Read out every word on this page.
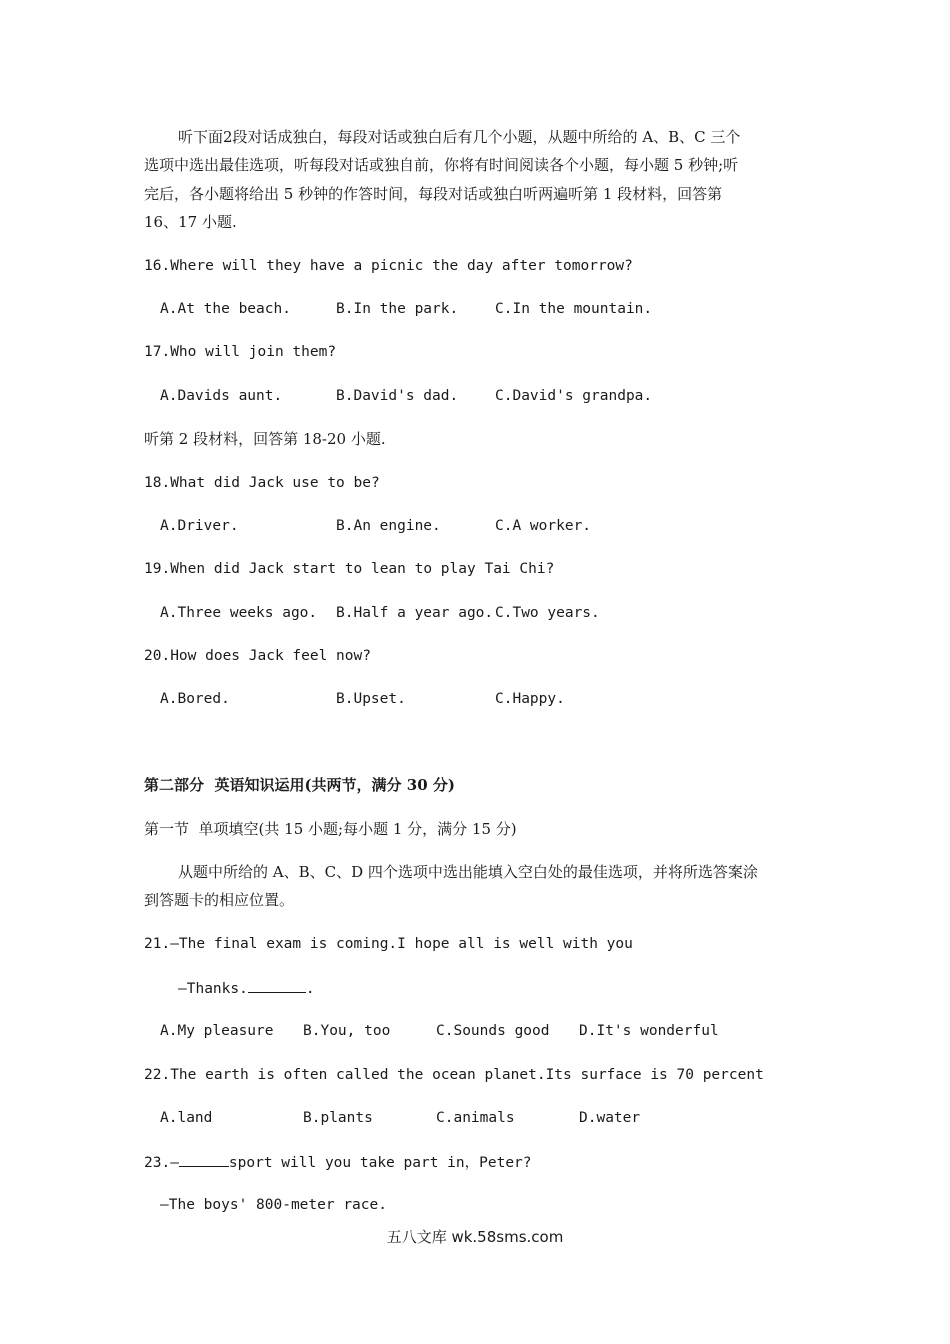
听下面2段对话成独白，每段对话或独白后有几个小题，从题中所给的 A、B、C 三个
选项中选出最佳选项，听每段对话或独自前，你将有时间阅读各个小题，每小题 5 秒钟;听
完后，各小题将给出 5 秒钟的作答时间，每段对话或独白听两遍听第 1 段材料，回答第
16、17 小题.
16.Where will they have a picnic the day after tomorrow?
A.At the beach.	B.In the park.	C.In the mountain.
17.Who will join them?
A.Davids aunt.	B.David's dad.	C.David's grandpa.
听第 2 段材料，回答第 18-20 小题.
18.What did Jack use to be?
A.Driver.	B.An engine.	C.A worker.
19.When did Jack start to lean to play Tai Chi?
A.Three weeks ago. B.Half a year ago. C.Two years.
20.How does Jack feel now?
A.Bored.	B.Upset.	C.Happy.
第二部分  英语知识运用(共两节，满分 30 分)
第一节  单项填空(共 15 小题;每小题 1 分，满分 15 分)
从题中所给的 A、B、C、D 四个选项中选出能填入空白处的最佳选项，并将所选答案涂
到答题卡的相应位置。
21.—The final exam is coming.I hope all is well with you
—Thanks.	.
A.My pleasure B.You, too	C.Sounds good D.It's wonderful
22.The earth is often called the ocean planet.Its surface is 70 percent
A.land	B.plants	C.animals	D.water
23.—	sport will you take part in，Peter?
—The boys' 800-meter race.
五八文库 wk.58sms.com
